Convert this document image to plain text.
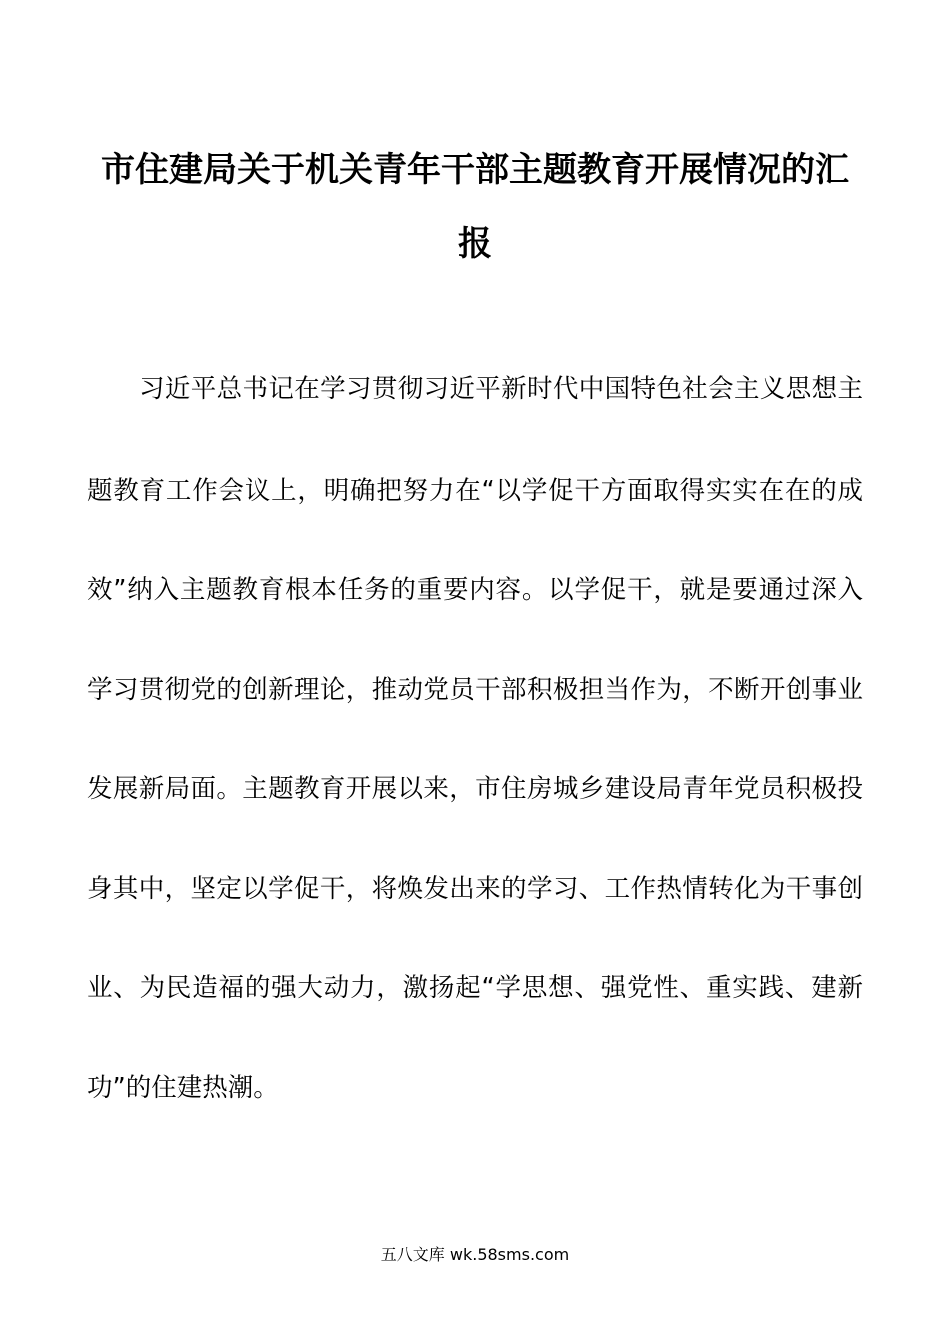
市住建局关于机关青年干部主题教育开展情况的汇
报
习近平总书记在学习贯彻习近平新时代中国特色社会主义思想主
题教育工作会议上，明确把努力在“以学促干方面取得实实在在的成
效”纳入主题教育根本任务的重要内容。以学促干，就是要通过深入
学习贯彻党的创新理论，推动党员干部积极担当作为，不断开创事业
发展新局面。主题教育开展以来，市住房城乡建设局青年党员积极投
身其中，坚定以学促干，将焕发出来的学习、工作热情转化为干事创
业、为民造福的强大动力，激扬起“学思想、强党性、重实践、建新
功”的住建热潮。
五八文库 wk.58sms.com
